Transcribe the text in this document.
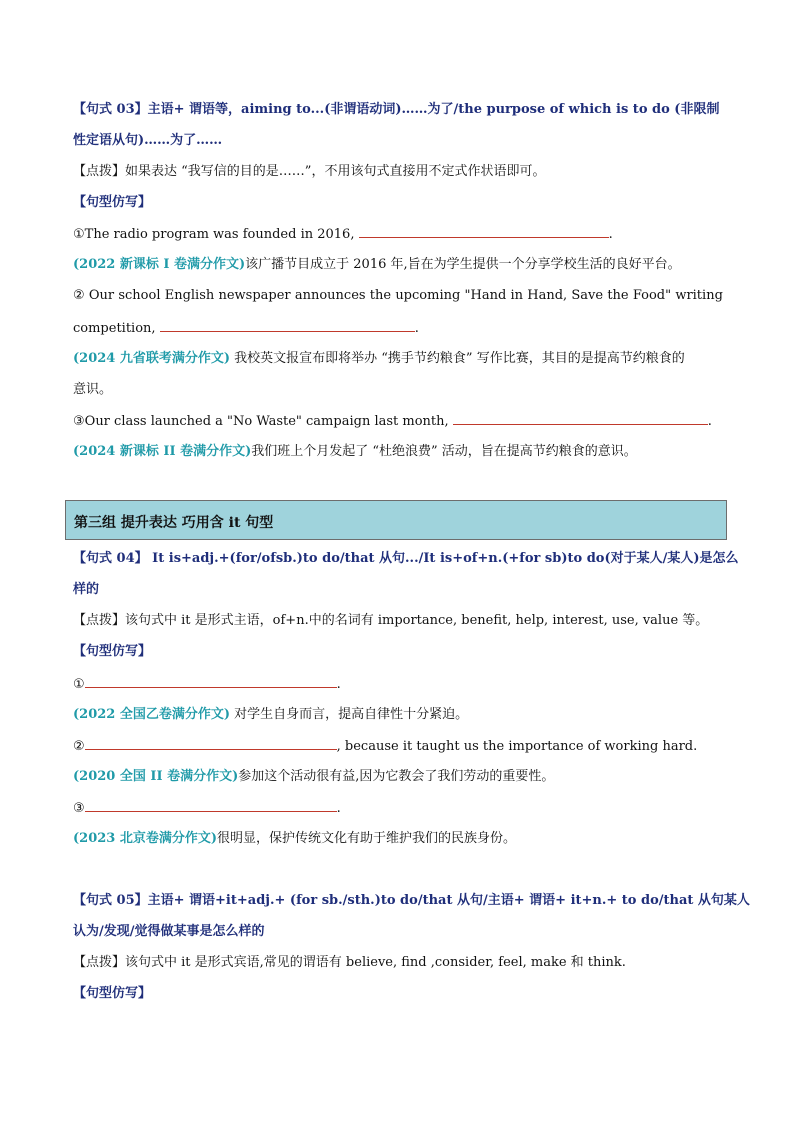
【句式 03】主语+ 谓语等，aiming to...(非谓语动词)……为了/the purpose of which is to do (非限制
性定语从句)……为了……
【点拨】如果表达 “我写信的目的是……”，不用该句式直接用不定式作状语即可。
【句型仿写】
①The radio program was founded in 2016,	.
(2022 新课标 I 卷满分作文)该广播节目成立于 2016 年,旨在为学生提供一个分享学校生活的良好平台。
② Our school English newspaper announces the upcoming "Hand in Hand, Save the Food" writing
competition,	.
(2024 九省联考满分作文) 我校英文报宣布即将举办 “携手节约粮食” 写作比赛，其目的是提高节约粮食的
意识。
③Our class launched a "No Waste" campaign last month,	.
(2024 新课标 II 卷满分作文)我们班上个月发起了 “杜绝浪费” 活动，旨在提高节约粮食的意识。
第三组 提升表达 巧用含 it 句型
【句式 04】 It is+adj.+(for/ofsb.)to do/that 从句.../It is+of+n.(+for sb)to do(对于某人/某人)是怎么
样的
【点拨】该句式中 it 是形式主语，of+n.中的名词有 importance, benefit, help, interest, use, value 等。
【句型仿写】
①	.
(2022 全国乙卷满分作文) 对学生自身而言，提高自律性十分紧迫。
②	, because it taught us the importance of working hard.
(2020 全国 II 卷满分作文)参加这个活动很有益,因为它教会了我们劳动的重要性。
③	.
(2023 北京卷满分作文)很明显，保护传统文化有助于维护我们的民族身份。
【句式 05】主语+ 谓语+it+adj.+ (for sb./sth.)to do/that 从句/主语+ 谓语+ it+n.+ to do/that 从句某人
认为/发现/觉得做某事是怎么样的
【点拨】该句式中 it 是形式宾语,常见的谓语有 believe, find ,consider, feel, make 和 think.
【句型仿写】
